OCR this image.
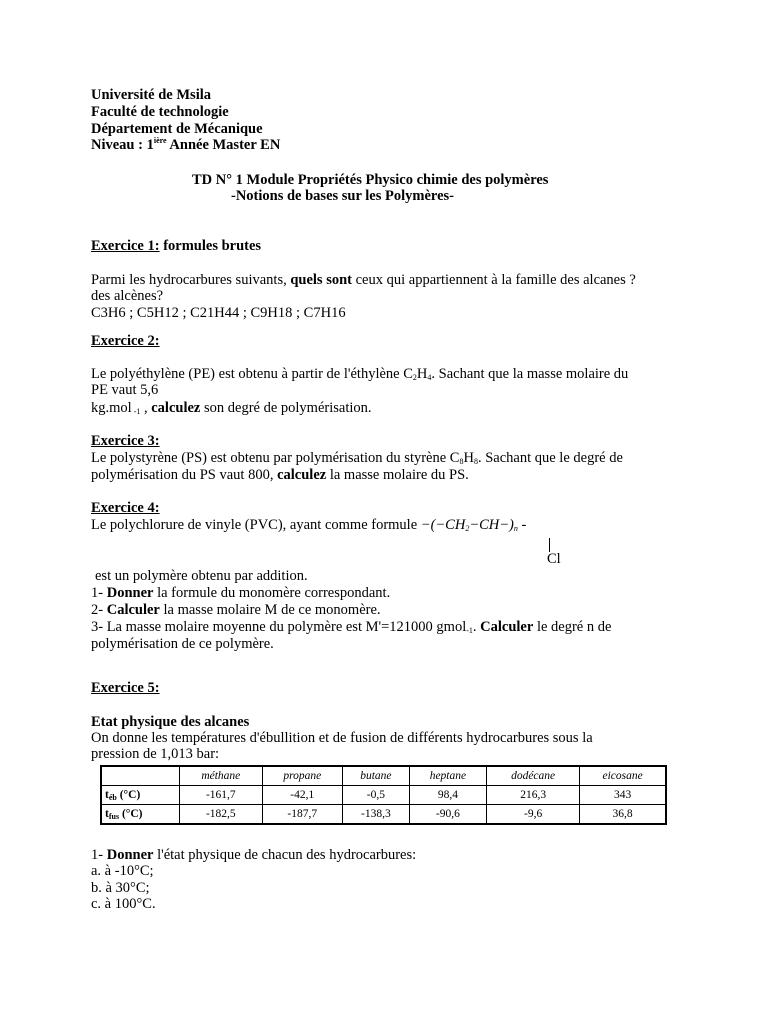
Université de Msila
Faculté de technologie
Département de Mécanique
Niveau : $1^{ière}$ Année Master EN
TD N° 1 Module Propriétés Physico chimie des polymères
-Notions de bases sur les Polymères-
Exercice 1: formules brutes
Parmi les hydrocarbures suivants, quels sont ceux qui appartiennent à la famille des alcanes ?
des alcènes?
C3H6 ; C5H12 ; C21H44 ; C9H18 ; C7H16
Exercice 2:
Le polyéthylène (PE) est obtenu à partir de l'éthylène $C_2H_4$. Sachant que la masse molaire du
PE vaut 5,6
kg.mol $_{-1}$ , calculez son degré de polymérisation.
Exercice 3:
Le polystyrène (PS) est obtenu par polymérisation du styrène $C_8H_8$. Sachant que le degré de
polymérisation du PS vaut 800, calculez la masse molaire du PS.
Exercice 4:
Le polychlorure de vinyle (PVC), ayant comme formule $-(-CH_2-CH-)_n$ -
Cl
est un polymère obtenu par addition.
1- Donner la formule du monomère correspondant.
2- Calculer la masse molaire M de ce monomère.
3- La masse molaire moyenne du polymère est M'=121000 gmol$_{-1}$. Calculer le degré n de
polymérisation de ce polymère.
Exercice 5:
Etat physique des alcanes
On donne les températures d'ébullition et de fusion de différents hydrocarbures sous la
pression de 1,013 bar:
	méthane	propane	butane	heptane	dodécane	eicosane
$t_{éb}$ (°C)	-161,7	-42,1	-0,5	98,4	216,3	343
$t_{fus}$ (°C)	-182,5	-187,7	-138,3	-90,6	-9,6	36,8
1- Donner l'état physique de chacun des hydrocarbures:
a. à -10°C;
b. à 30°C;
c. à 100°C.
